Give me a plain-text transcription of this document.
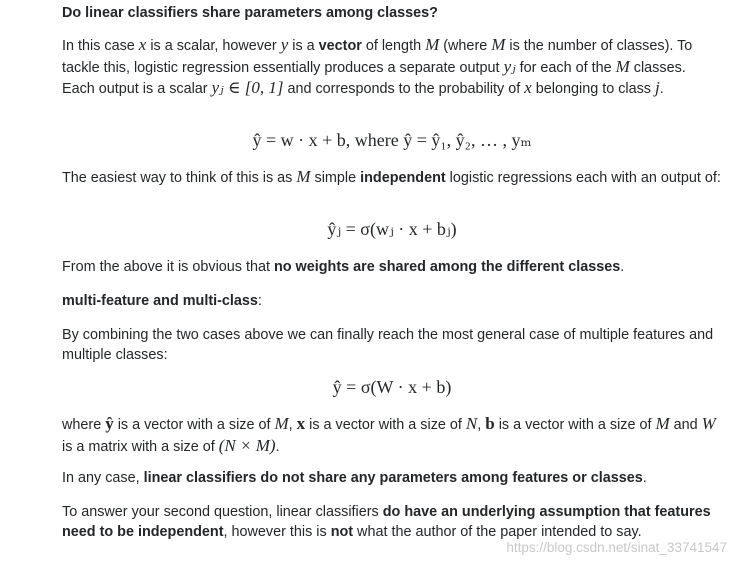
Do linear classifiers share parameters among classes?

In this case x is a scalar, however y is a vector of length M (where M is the number of classes). To tackle this, logistic regression essentially produces a separate output yⱼ for each of the M classes. Each output is a scalar yⱼ ∈ [0, 1] and corresponds to the probability of x belonging to class j.

ŷ = w · x + b, where ŷ = ŷ₁, ŷ₂, … , yₘ

The easiest way to think of this is as M simple independent logistic regressions each with an output of:

ŷⱼ = σ(wⱼ · x + bⱼ)

From the above it is obvious that no weights are shared among the different classes.

multi-feature and multi-class:

By combining the two cases above we can finally reach the most general case of multiple features and multiple classes:

ŷ = σ(W · x + b)

where ŷ is a vector with a size of M, x is a vector with a size of N, b is a vector with a size of M and W is a matrix with a size of (N × M).

In any case, linear classifiers do not share any parameters among features or classes.

To answer your second question, linear classifiers do have an underlying assumption that features need to be independent, however this is not what the author of the paper intended to say.

https://blog.csdn.net/sinat_33741547
